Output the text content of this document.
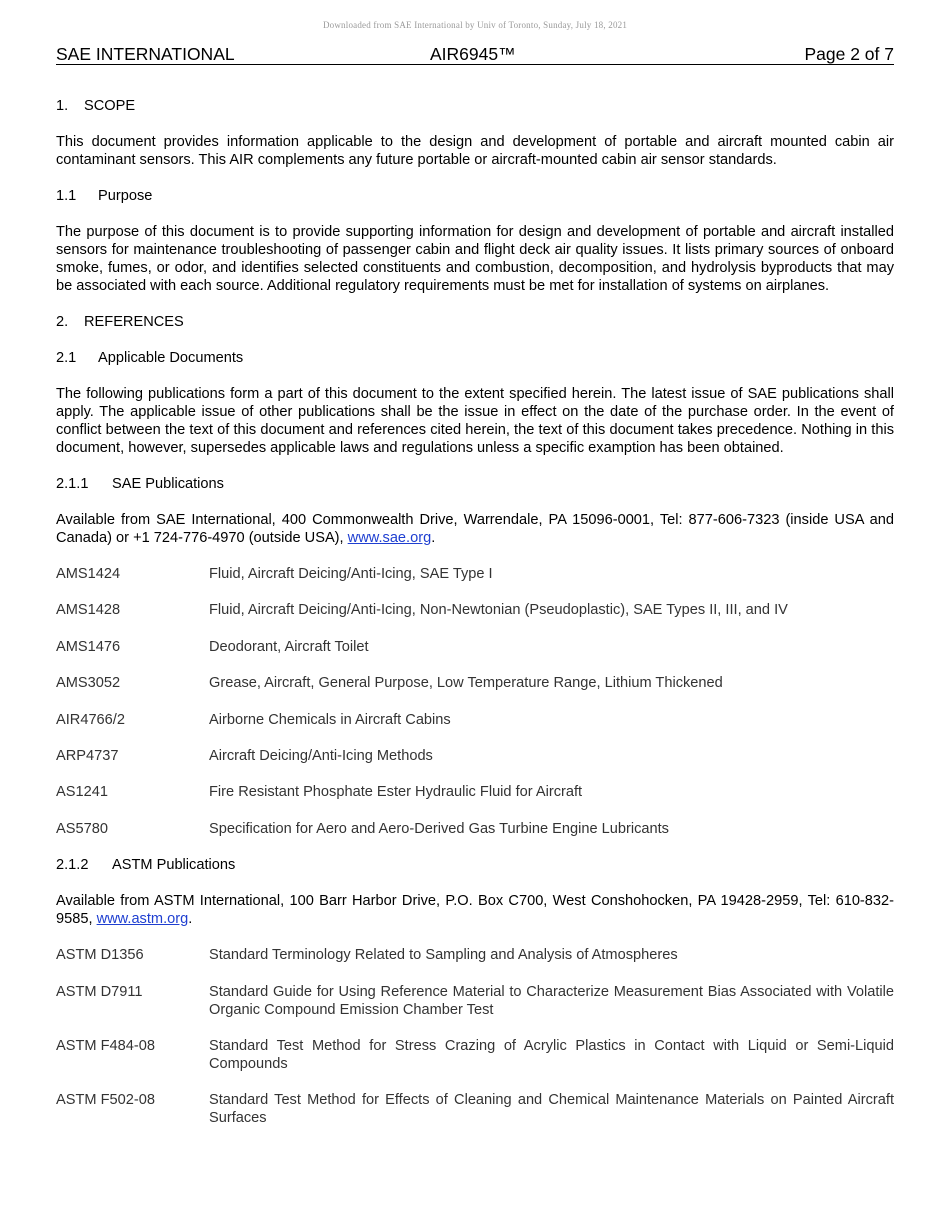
Downloaded from SAE International by Univ of Toronto, Sunday, July 18, 2021
SAE INTERNATIONAL	AIR6945™	Page 2 of 7
1. SCOPE

This document provides information applicable to the design and development of portable and aircraft mounted cabin air contaminant sensors. This AIR complements any future portable or aircraft-mounted cabin air sensor standards.

1.1 Purpose

The purpose of this document is to provide supporting information for design and development of portable and aircraft installed sensors for maintenance troubleshooting of passenger cabin and flight deck air quality issues. It lists primary sources of onboard smoke, fumes, or odor, and identifies selected constituents and combustion, decomposition, and hydrolysis byproducts that may be associated with each source. Additional regulatory requirements must be met for installation of systems on airplanes.

2. REFERENCES
2.1 Applicable Documents

The following publications form a part of this document to the extent specified herein. The latest issue of SAE publications shall apply. The applicable issue of other publications shall be the issue in effect on the date of the purchase order. In the event of conflict between the text of this document and references cited herein, the text of this document takes precedence. Nothing in this document, however, supersedes applicable laws and regulations unless a specific examption has been obtained.

2.1.1 SAE Publications

Available from SAE International, 400 Commonwealth Drive, Warrendale, PA 15096-0001, Tel: 877-606-7323 (inside USA and Canada) or +1 724-776-4970 (outside USA), www.sae.org.

AMS1424	Fluid, Aircraft Deicing/Anti-Icing, SAE Type I
AMS1428	Fluid, Aircraft Deicing/Anti-Icing, Non-Newtonian (Pseudoplastic), SAE Types II, III, and IV
AMS1476	Deodorant, Aircraft Toilet
AMS3052	Grease, Aircraft, General Purpose, Low Temperature Range, Lithium Thickened
AIR4766/2	Airborne Chemicals in Aircraft Cabins
ARP4737	Aircraft Deicing/Anti-Icing Methods
AS1241	Fire Resistant Phosphate Ester Hydraulic Fluid for Aircraft
AS5780	Specification for Aero and Aero-Derived Gas Turbine Engine Lubricants
2.1.2 ASTM Publications

Available from ASTM International, 100 Barr Harbor Drive, P.O. Box C700, West Conshohocken, PA 19428-2959, Tel: 610-832-9585, www.astm.org.

ASTM D1356	Standard Terminology Related to Sampling and Analysis of Atmospheres
ASTM D7911	Standard Guide for Using Reference Material to Characterize Measurement Bias Associated with Volatile Organic Compound Emission Chamber Test
ASTM F484-08	Standard Test Method for Stress Crazing of Acrylic Plastics in Contact with Liquid or Semi-Liquid Compounds
ASTM F502-08	Standard Test Method for Effects of Cleaning and Chemical Maintenance Materials on Painted Aircraft Surfaces
